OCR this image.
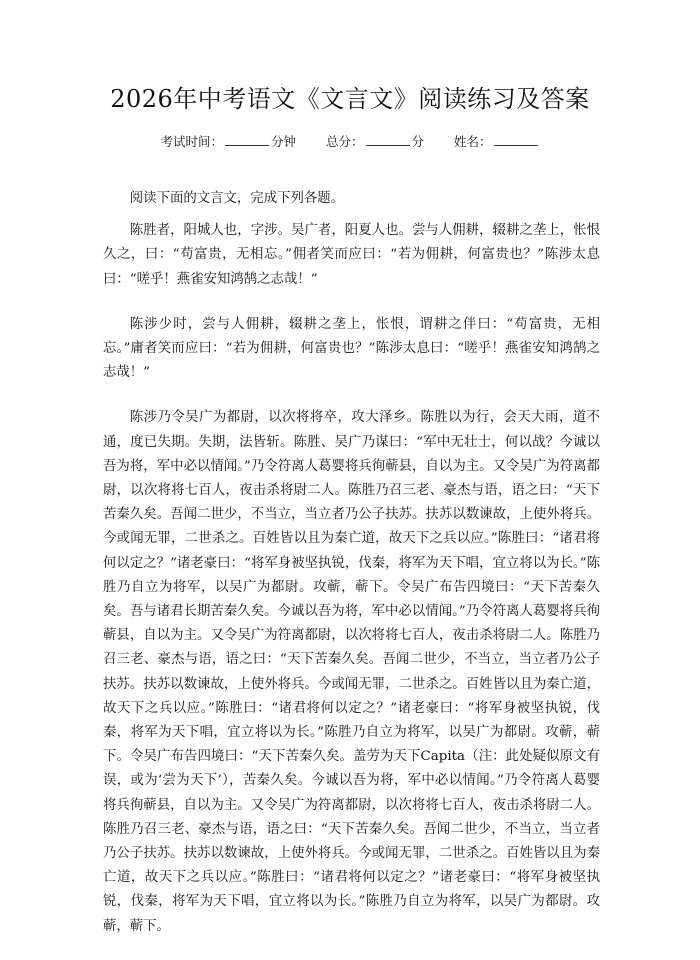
2026年中考语文《文言文》阅读练习及答案
考试时间：	分钟 总分：	分 姓名：

阅读下面的文言文，完成下列各题。

陈胜者，阳城人也，字涉。吴广者，阳夏人也。尝与人佣耕，辍耕之垄上，怅恨久之，曰：“苟富贵，无相忘。”佣者笑而应曰：“若为佣耕，何富贵也？”陈涉太息曰：“嗟乎！燕雀安知鸿鹄之志哉！”

陈涉少时，尝与人佣耕，辍耕之垄上，怅恨，谓耕之伴曰：“苟富贵，无相忘。”庸者笑而应曰：“若为佣耕，何富贵也？”陈涉太息曰：“嗟乎！燕雀安知鸿鹄之志哉！”

陈涉乃令吴广为都尉，以次将将卒，攻大泽乡。陈胜以为行，会天大雨，道不通，度已失期。失期，法皆斩。陈胜、吴广乃谋曰：“军中无壮士，何以战？今诚以吾为将，军中必以情闻。”乃令符离人葛婴将兵徇蕲县，自以为主。又令吴广为符离都尉，以次将将七百人，夜击杀将尉二人。陈胜乃召三老、豪杰与语，语之曰：“天下苦秦久矣。吾闻二世少，不当立，当立者乃公子扶苏。扶苏以数谏故，上使外将兵。今或闻无罪，二世杀之。百姓皆以且为秦亡道，故天下之兵以应。”陈胜曰：“诸君将何以定之？”诸老豪曰：“将军身被坚执锐，伐秦，将军为天下唱，宜立将以为长。”陈胜乃自立为将军，以吴广为都尉。攻蕲，蕲下。令吴广布告四境曰：“天下苦秦久矣。吾与诸君长期苦秦久矣。今诚以吾为将，军中必以情闻。”乃令符离人葛婴将兵徇蕲县，自以为主。又令吴广为符离都尉，以次将将七百人，夜击杀将尉二人。陈胜乃召三老、豪杰与语，语之曰：“天下苦秦久矣。吾闻二世少，不当立，当立者乃公子扶苏。扶苏以数谏故，上使外将兵。今或闻无罪，二世杀之。百姓皆以且为秦亡道，故天下之兵以应。”陈胜曰：“诸君将何以定之？”诸老豪曰：“将军身被坚执锐，伐秦，将军为天下唱，宜立将以为长。”陈胜乃自立为将军，以吴广为都尉。攻蕲，蕲下。令吴广布告四境曰：“天下苦秦久矣。盖劳为天下Capita（注：此处疑似原文有误，或为‘尝为天下’），苦秦久矣。今诚以吾为将，军中必以情闻。”乃令符离人葛婴将兵徇蕲县，自以为主。又令吴广为符离都尉，以次将将七百人，夜击杀将尉二人。陈胜乃召三老、豪杰与语，语之曰：“天下苦秦久矣。吾闻二世少，不当立，当立者乃公子扶苏。扶苏以数谏故，上使外将兵。今或闻无罪，二世杀之。百姓皆以且为秦亡道，故天下之兵以应。”陈胜曰：“诸君将何以定之？”诸老豪曰：“将军身被坚执锐，伐秦，将军为天下唱，宜立将以为长。”陈胜乃自立为将军，以吴广为都尉。攻蕲，蕲下。
